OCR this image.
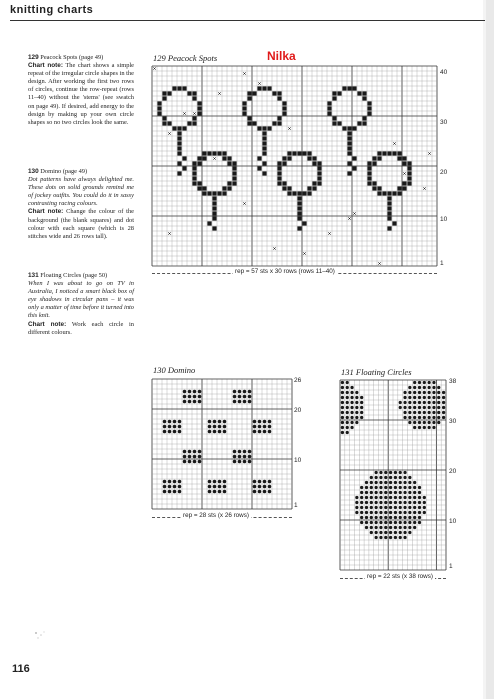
knitting charts

129 Peacock Spots (page 49)

Chart note: The chart shows a simple repeat of the irregular circle shapes in the design. After working the first two rows of circles, continue the row-repeat (rows 11–40) without the 'stems' (see swatch on page 49). If desired, add energy to the design by making up your own circle shapes so no two circles look the same.

130 Domino (page 49)

Dot patterns have always delighted me. These dots on solid grounds remind me of jockey outfits. You could do it in sassy contrasting racing colours.

Chart note: Change the colour of the background (the blank squares) and dot colour with each square (which is 28 stitches wide and 26 rows tall).

131 Floating Circles (page 50)

When I was about to go on TV in Australia, I noticed a smart black box of eye shadows in circular pans – it was only a matter of time before it turned into this knit.

Chart note: Work each circle in different colours.

129 Peacock Spots	Nilka
40
30
20
10
1
rep = 57 sts x 30 rows (rows 11–40)
130 Domino
26
20
10
1
rep = 28 sts (x 26 rows)
131 Floating Circles
38
30
20
10
1
rep = 22 sts (x 38 rows)
116
